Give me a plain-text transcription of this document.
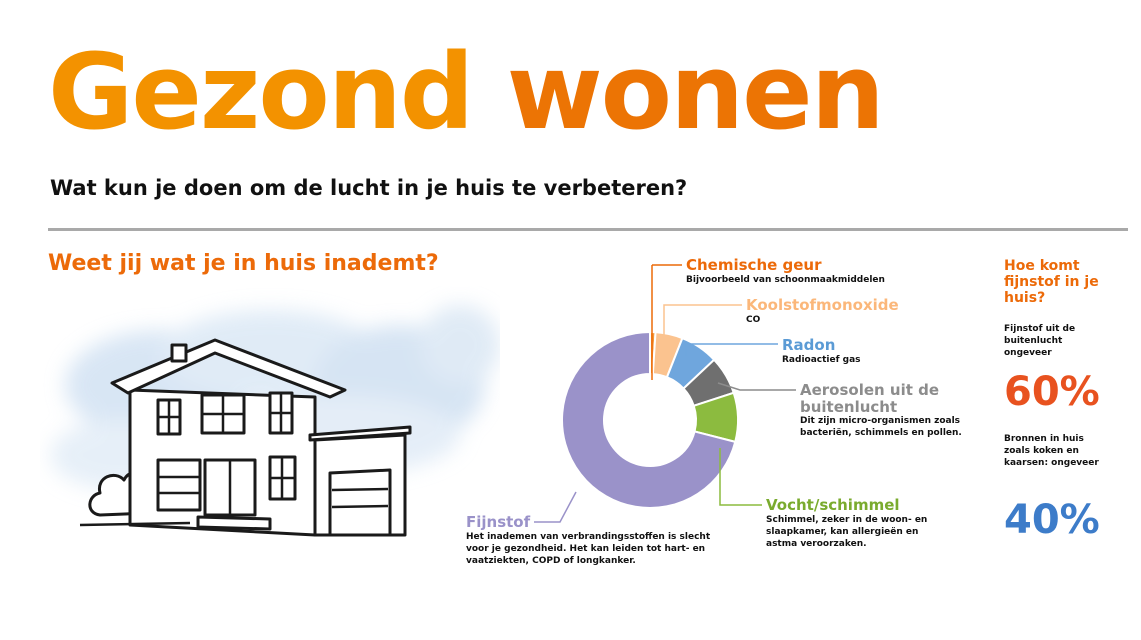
Gezond wonen
Wat kun je doen om de lucht in je huis te verbeteren?
Weet jij wat je in huis inademt?	Chemische geur
Bijvoorbeeld van schoonmaakmiddelen
Koolstofmonoxide
CO
Radon
Radioactief gas
Aerosolen uit de
buitenlucht
Dit zijn micro-organismen zoals bacteriën, schimmels en pollen.
Vocht/schimmel
Schimmel, zeker in de woon- en slaapkamer, kan allergieën en astma veroorzaken.
Fijnstof
Het inademen van verbrandingsstoffen is slecht voor je gezondheid. Het kan leiden tot hart- en vaatziekten, COPD of longkanker.
Hoe komt fijnstof in je huis?
Fijnstof uit de buitenlucht ongeveer
60%
Bronnen in huis zoals koken en kaarsen: ongeveer
40%
